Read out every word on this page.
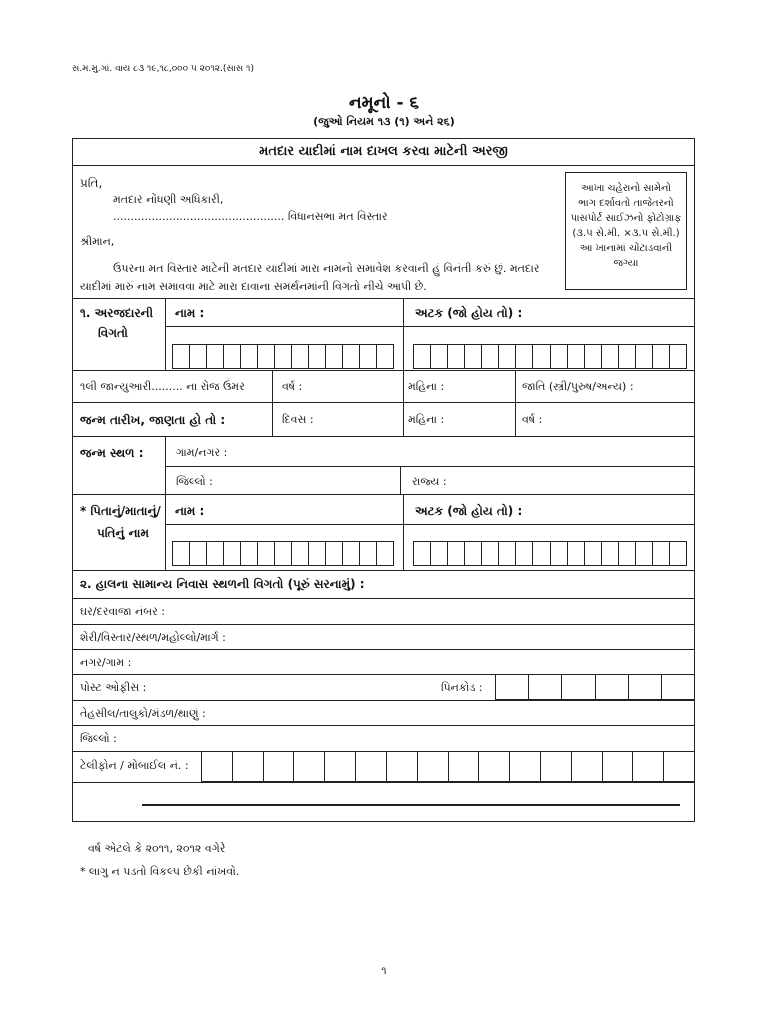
સ.મ.મુ.ગાં. વાય ૮૩ ૧૯,૧૮,૦૦૦ ૫ ૨૦૧૨.(સાસ ૧)
નમૂનો - ૬
(જુઓ નિયમ ૧૩ (૧) અને ૨૬)
મતદાર યાદીમાં નામ દાખલ કરવા માટેની અરજી
પ્રતિ,
મતદાર નોંધણી અધિકારી,
................................................. વિધાનસભા મત વિસ્તાર
શ્રીમાન,
ઉપરના મત વિસ્તાર માટેની મતદાર યાદીમાં મારા નામનો સમાવેશ કરવાની હું વિનંતી કરું છું. મતદાર
યાદીમાં મારું નામ સમાવવા માટે મારા દાવાના સમર્થનમાંની વિગતો નીચે આપી છે.
આખા ચહેરાનો સામેનો
ભાગ દર્શાવતો તાજેતરનો
પાસપોર્ટ સાઈઝનો ફોટોગ્રાફ
(૩.૫ સે.મી. ×૩.૫ સે.મી.)
આ ખાનામાં ચોંટાડવાની
જગ્યા
૧. અરજદારની
વિગતો
નામ :	અટક (જો હોય તો) :
૧લી જાન્યુઆરી......... ના રોજ ઉંમર	વર્ષ :	મહિના :	જાતિ (સ્ત્રી/પુરુષ/અન્ય) :
જન્મ તારીખ, જાણતા હો તો :	દિવસ :	મહિના :	વર્ષ :
જન્મ સ્થળ :	ગામ/નગર :
જિલ્લો :	રાજ્ય :
* પિતાનું/માતાનું/
પતિનું નામ
નામ :	અટક (જો હોય તો) :
૨. હાલના સામાન્ય નિવાસ સ્થળની વિગતો (પૂરું સરનામું) :
ઘર/દરવાજા નંબર :
શેરી/વિસ્તાર/સ્થળ/મહોલ્લો/માર્ગ :
નગર/ગામ :
પોસ્ટ ઓફીસ :	પિનકોડ :
તેહસીલ/તાલુકો/મંડળ/થાણું :
જિલ્લો :
ટેલીફોન / મોબાઈલ નં. :
વર્ષ એટલે કે ૨૦૧૧, ૨૦૧૨ વગેરે
* લાગુ ન પડતો વિકલ્પ છેકી નાંખવો.
૧
